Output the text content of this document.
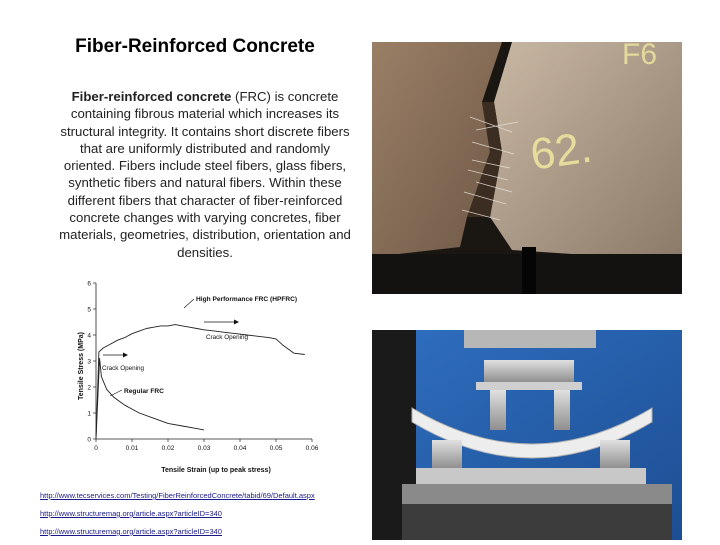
Fiber-Reinforced Concrete

Fiber-reinforced concrete (FRC) is concrete containing fibrous material which increases its structural integrity. It contains short discrete fibers that are uniformly distributed and randomly oriented. Fibers include steel fibers, glass fibers, synthetic fibers and natural fibers. Within these different fibers that character of fiber-reinforced concrete changes with varying concretes, fiber materials, geometries, distribution, orientation and densities.

Tensile Stress (MPa)
Tensile Strain (up to peak stress)
0	0.01	0.02	0.03	0.04	0.05	0.06
0
1
2
3
4
5
6
High Performance FRC (HPFRC)
Crack Opening
Crack Opening
Regular FRC
62.
F6
http://www.tecservices.com/Testing/FiberReinforcedConcrete/tabid/69/Default.aspx
http://www.structuremag.org/article.aspx?articleID=340
http://www.structuremag.org/article.aspx?articleID=340
